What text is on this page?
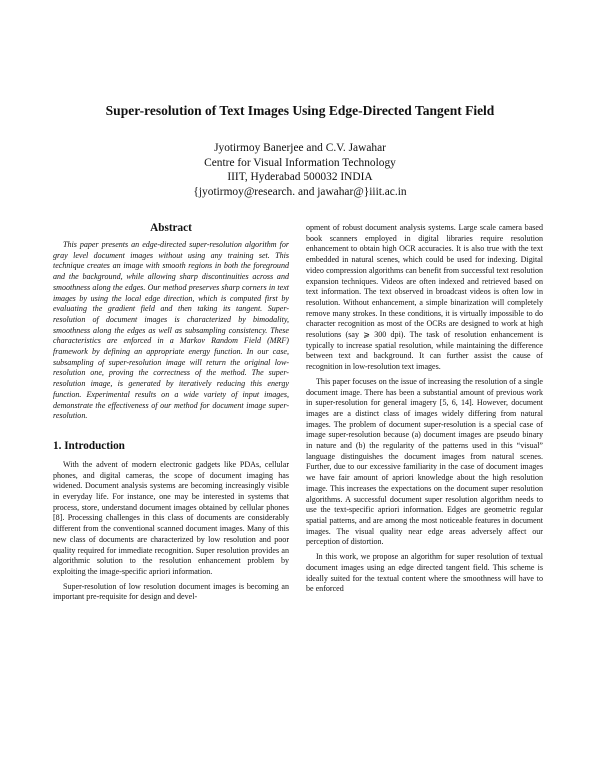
Super-resolution of Text Images Using Edge-Directed Tangent Field
Jyotirmoy Banerjee and C.V. Jawahar
Centre for Visual Information Technology
IIIT, Hyderabad 500032 INDIA
{jyotirmoy@research. and jawahar@}iiit.ac.in
Abstract

This paper presents an edge-directed super-resolution algorithm for gray level document images without using any training set. This technique creates an image with smooth regions in both the foreground and the background, while allowing sharp discontinuities across and smoothness along the edges. Our method preserves sharp corners in text images by using the local edge direction, which is computed first by evaluating the gradient field and then taking its tangent. Super-resolution of document images is characterized by bimodality, smoothness along the edges as well as subsampling consistency. These characteristics are enforced in a Markov Random Field (MRF) framework by defining an appropriate energy function. In our case, subsampling of super-resolution image will return the original low-resolution one, proving the correctness of the method. The super-resolution image, is generated by iteratively reducing this energy function. Experimental results on a wide variety of input images, demonstrate the effectiveness of our method for document image super-resolution.

1. Introduction

With the advent of modern electronic gadgets like PDAs, cellular phones, and digital cameras, the scope of document imaging has widened. Document analysis systems are becoming increasingly visible in everyday life. For instance, one may be interested in systems that process, store, understand document images obtained by cellular phones [8]. Processing challenges in this class of documents are considerably different from the conventional scanned document images. Many of this new class of documents are characterized by low resolution and poor quality required for immediate recognition. Super resolution provides an algorithmic solution to the resolution enhancement problem by exploiting the image-specific apriori information.

Super-resolution of low resolution document images is becoming an important pre-requisite for design and devel-

opment of robust document analysis systems. Large scale camera based book scanners employed in digital libraries require resolution enhancement to obtain high OCR accuracies. It is also true with the text embedded in natural scenes, which could be used for indexing. Digital video compression algorithms can benefit from successful text resolution expansion techniques. Videos are often indexed and retrieved based on text information. The text observed in broadcast videos is often low in resolution. Without enhancement, a simple binarization will completely remove many strokes. In these conditions, it is virtually impossible to do character recognition as most of the OCRs are designed to work at high resolutions (say ⩾ 300 dpi). The task of resolution enhancement is typically to increase spatial resolution, while maintaining the difference between text and background. It can further assist the cause of recognition in low-resolution text images.

This paper focuses on the issue of increasing the resolution of a single document image. There has been a substantial amount of previous work in super-resolution for general imagery [5, 6, 14]. However, document images are a distinct class of images widely differing from natural images. The problem of document super-resolution is a special case of image super-resolution because (a) document images are pseudo binary in nature and (b) the regularity of the patterns used in this “visual” language distinguishes the document images from natural scenes. Further, due to our excessive familiarity in the case of document images we have fair amount of apriori knowledge about the high resolution image. This increases the expectations on the document super resolution algorithms. A successful document super resolution algorithm needs to use the text-specific apriori information. Edges are geometric regular spatial patterns, and are among the most noticeable features in document images. The visual quality near edge areas adversely affect our perception of distortion.

In this work, we propose an algorithm for super resolution of textual document images using an edge directed tangent field. This scheme is ideally suited for the textual content where the smoothness will have to be enforced
